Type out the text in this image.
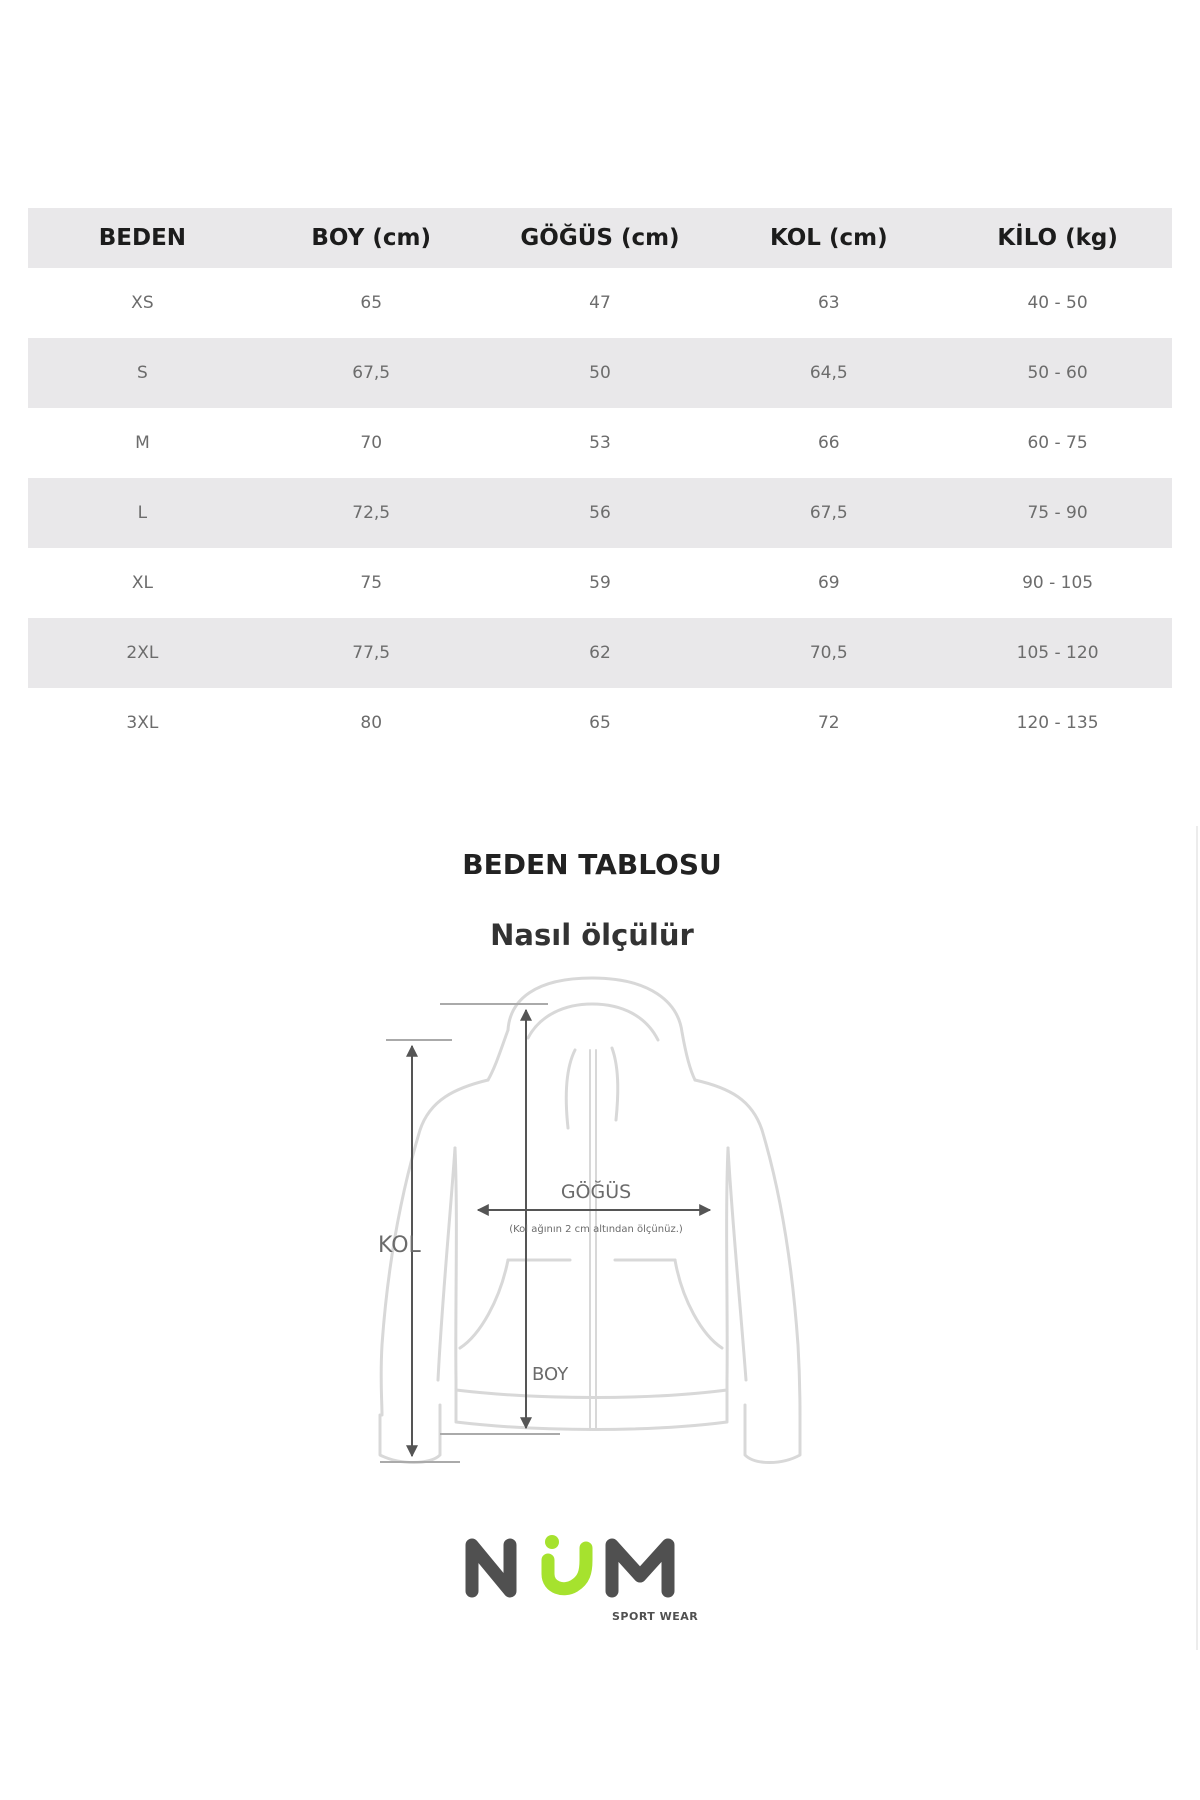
BEDEN	BOY (cm)	GÖĞÜS (cm)	KOL (cm)	KİLO (kg)
XS	65	47	63	40 - 50
S	67,5	50	64,5	50 - 60
M	70	53	66	60 - 75
L	72,5	56	67,5	75 - 90
XL	75	59	69	90 - 105
2XL	77,5	62	70,5	105 - 120
3XL	80	65	72	120 - 135
BEDEN TABLOSU
Nasıl ölçülür
GÖĞÜS
(Kol ağının 2 cm altından ölçünüz.)
KOL
BOY
SPORT WEAR
